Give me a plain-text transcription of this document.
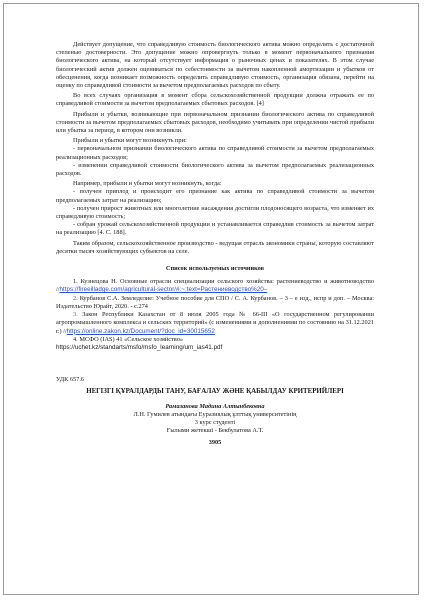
Действует допущение, что справедливую стоимость биологического актива можно определить с достаточной степенью достоверности. Это допущение можно опровергнуть только в момент первоначального признания биологического актива, на который отсутствует информация о рыночных ценах и показателях. В этом случае биологический актив должен оцениваться по себестоимости за вычетом накопленной амортизации и убытков от обесценения, когда возникает возможность определить справедливую стоимость, организация обязана, перейти на оценку по справедливой стоимости за вычетом предполагаемых расходов по сбыту.

Во всех случаях организация в момент сбора сельскохозяйственной продукции должна отражать ее по справедливой стоимости за вычетом предполагаемых сбытовых расходов. [4]

Прибыли и убытки, возникающие при первоначальном признании биологического актива по справедливой стоимости за вычетом предполагаемых сбытовых расходов, необходимо учитывать при определении чистой прибыли или убытка за период, в котором они возникли.

Прибыли и убытки могут возникнуть при:

- первоначальном признании биологического актива по справедливой стоимости за вычетом предполагаемых реализационных расходов;

- изменении справедливой стоимости биологического актива за вычетом предполагаемых реализационных расходов.

Например, прибыли и убытки могут возникнуть, когда:

- получен приплод и происходит его признание как актива по справедливой стоимости за вычетом предполагаемых затрат на реализацию;

- получен прирост животных или многолетние насаждения достигли плодоносящего возраста, что изменяет их справедливую стоимость;

- собран урожай сельскохозяйственной продукции и устанавливается справедлив стоимость за вычетом затрат на реализацию [4. С. 188].

Таким образом, сельскохозяйственное производство - ведущая отрасль экономики страны, которую составляют десятки тысяч хозяйствующих субъектов на селе.

Список используемых источников

1. Кузнецова Н. Основные отрасли специализации сельского хозяйства: растениеводство и животноводство //https://fireeilladge.com/agricultural-sector/#:~:text=Растениеводство%20–

2. Курбанов С.А. Земледелие: Учебное пособие для СПО / С. А. Курбанов. – 3 – е изд., испр и доп. – Москва: Издательство Юрайт, 2020. - с.274

3. Закон Республики Казахстан от 8 июля 2005 года № 66-III «О государственном регулировании агропромышленного комплекса и сельских территорий» (с изменениями и дополнениями по состоянию на 31.12.2021 г.) //https://online.zakon.kz/Document/?doc_id=30015652

4. МСФО (IAS) 41 «Сельское хозяйство»

https://uchet.kz/standarts/msfo/msfo_learning/um_ias41.pdf

УДК 657.6

НЕГІЗГІ ҚҰРАЛДАРДЫ ТАНУ, БАҒАЛАУ ЖӘНЕ ҚАБЫЛДАУ КРИТЕРИЙЛЕРІ

Рамазанова Мадина Алтынбековна

Л.Н. Гумилев атындағы Еуразиялық ұлттық университетінің

3 курс студенті

Ғылыми жетекші - Бекбулатова А.Т.

3905
